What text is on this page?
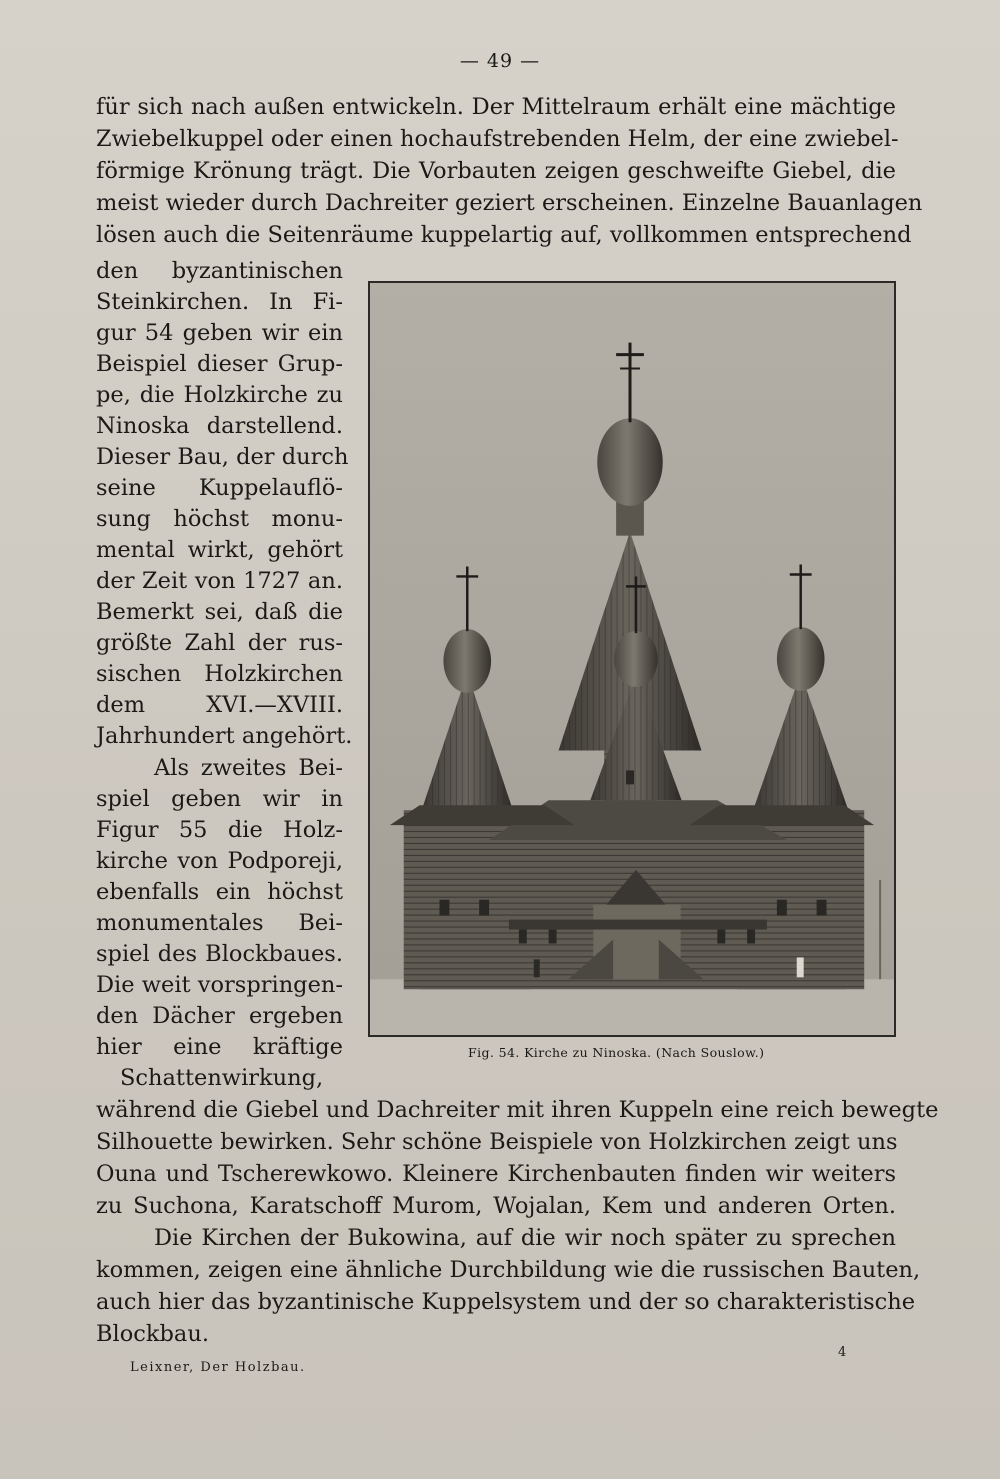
— 49 —
für sich nach außen entwickeln. Der Mittelraum erhält eine mächtige
Zwiebelkuppel oder einen hochaufstrebenden Helm, der eine zwiebel-
förmige Krönung trägt. Die Vorbauten zeigen geschweifte Giebel, die
meist wieder durch Dachreiter geziert erscheinen. Einzelne Bauanlagen
lösen auch die Seitenräume kuppelartig auf, vollkommen entsprechend
den byzantinischen
Steinkirchen. In Fi-
gur 54 geben wir ein
Beispiel dieser Grup-
pe, die Holzkirche zu
Ninoska darstellend.
Dieser Bau, der durch
seine Kuppelauflö-
sung höchst monu-
mental wirkt, gehört
der Zeit von 1727 an.
Bemerkt sei, daß die
größte Zahl der rus-
sischen Holzkirchen
dem XVI.—XVIII.
Jahrhundert angehört.
Als zweites Bei-
spiel geben wir in
Figur 55 die Holz-
kirche von Podporeji,
ebenfalls ein höchst
monumentales Bei-
spiel des Blockbaues.
Die weit vorspringen-
den Dächer ergeben
hier eine kräftige
Schattenwirkung,
während die Giebel und Dachreiter mit ihren Kuppeln eine reich bewegte
Silhouette bewirken. Sehr schöne Beispiele von Holzkirchen zeigt uns
Ouna und Tscherewkowo. Kleinere Kirchenbauten finden wir weiters
zu Suchona, Karatschoff Murom, Wojalan, Kem und anderen Orten.
Die Kirchen der Bukowina, auf die wir noch später zu sprechen
kommen, zeigen eine ähnliche Durchbildung wie die russischen Bauten,
auch hier das byzantinische Kuppelsystem und der so charakteristische
Blockbau.
Fig. 54. Kirche zu Ninoska. (Nach Souslow.)
Leixner, Der Holzbau.
4
